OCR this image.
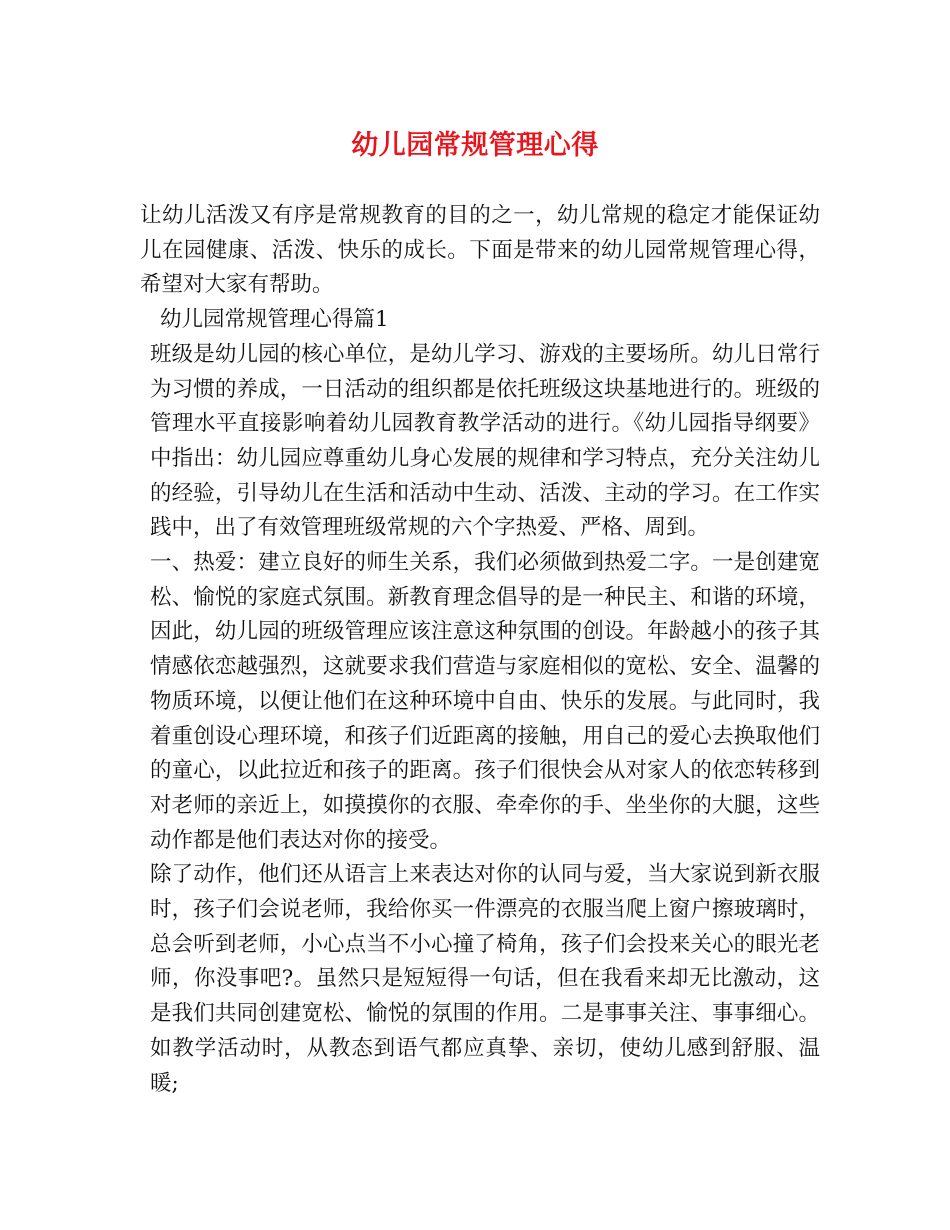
幼儿园常规管理心得

让幼儿活泼又有序是常规教育的目的之一，幼儿常规的稳定才能保证幼儿在园健康、活泼、快乐的成长。下面是带来的幼儿园常规管理心得，希望对大家有帮助。

幼儿园常规管理心得篇1

班级是幼儿园的核心单位，是幼儿学习、游戏的主要场所。幼儿日常行为习惯的养成，一日活动的组织都是依托班级这块基地进行的。班级的管理水平直接影响着幼儿园教育教学活动的进行。《幼儿园指导纲要》中指出：幼儿园应尊重幼儿身心发展的规律和学习特点，充分关注幼儿的经验，引导幼儿在生活和活动中生动、活泼、主动的学习。在工作实践中，出了有效管理班级常规的六个字热爱、严格、周到。

一、热爱：建立良好的师生关系，我们必须做到热爱二字。一是创建宽松、愉悦的家庭式氛围。新教育理念倡导的是一种民主、和谐的环境，因此，幼儿园的班级管理应该注意这种氛围的创设。年龄越小的孩子其情感依恋越强烈，这就要求我们营造与家庭相似的宽松、安全、温馨的物质环境，以便让他们在这种环境中自由、快乐的发展。与此同时，我着重创设心理环境，和孩子们近距离的接触，用自己的爱心去换取他们的童心，以此拉近和孩子的距离。孩子们很快会从对家人的依恋转移到对老师的亲近上，如摸摸你的衣服、牵牵你的手、坐坐你的大腿，这些动作都是他们表达对你的接受。

除了动作，他们还从语言上来表达对你的认同与爱，当大家说到新衣服时，孩子们会说老师，我给你买一件漂亮的衣服当爬上窗户擦玻璃时，总会听到老师，小心点当不小心撞了椅角，孩子们会投来关心的眼光老师，你没事吧?。虽然只是短短得一句话，但在我看来却无比激动，这是我们共同创建宽松、愉悦的氛围的作用。二是事事关注、事事细心。如教学活动时，从教态到语气都应真挚、亲切，使幼儿感到舒服、温暖;
